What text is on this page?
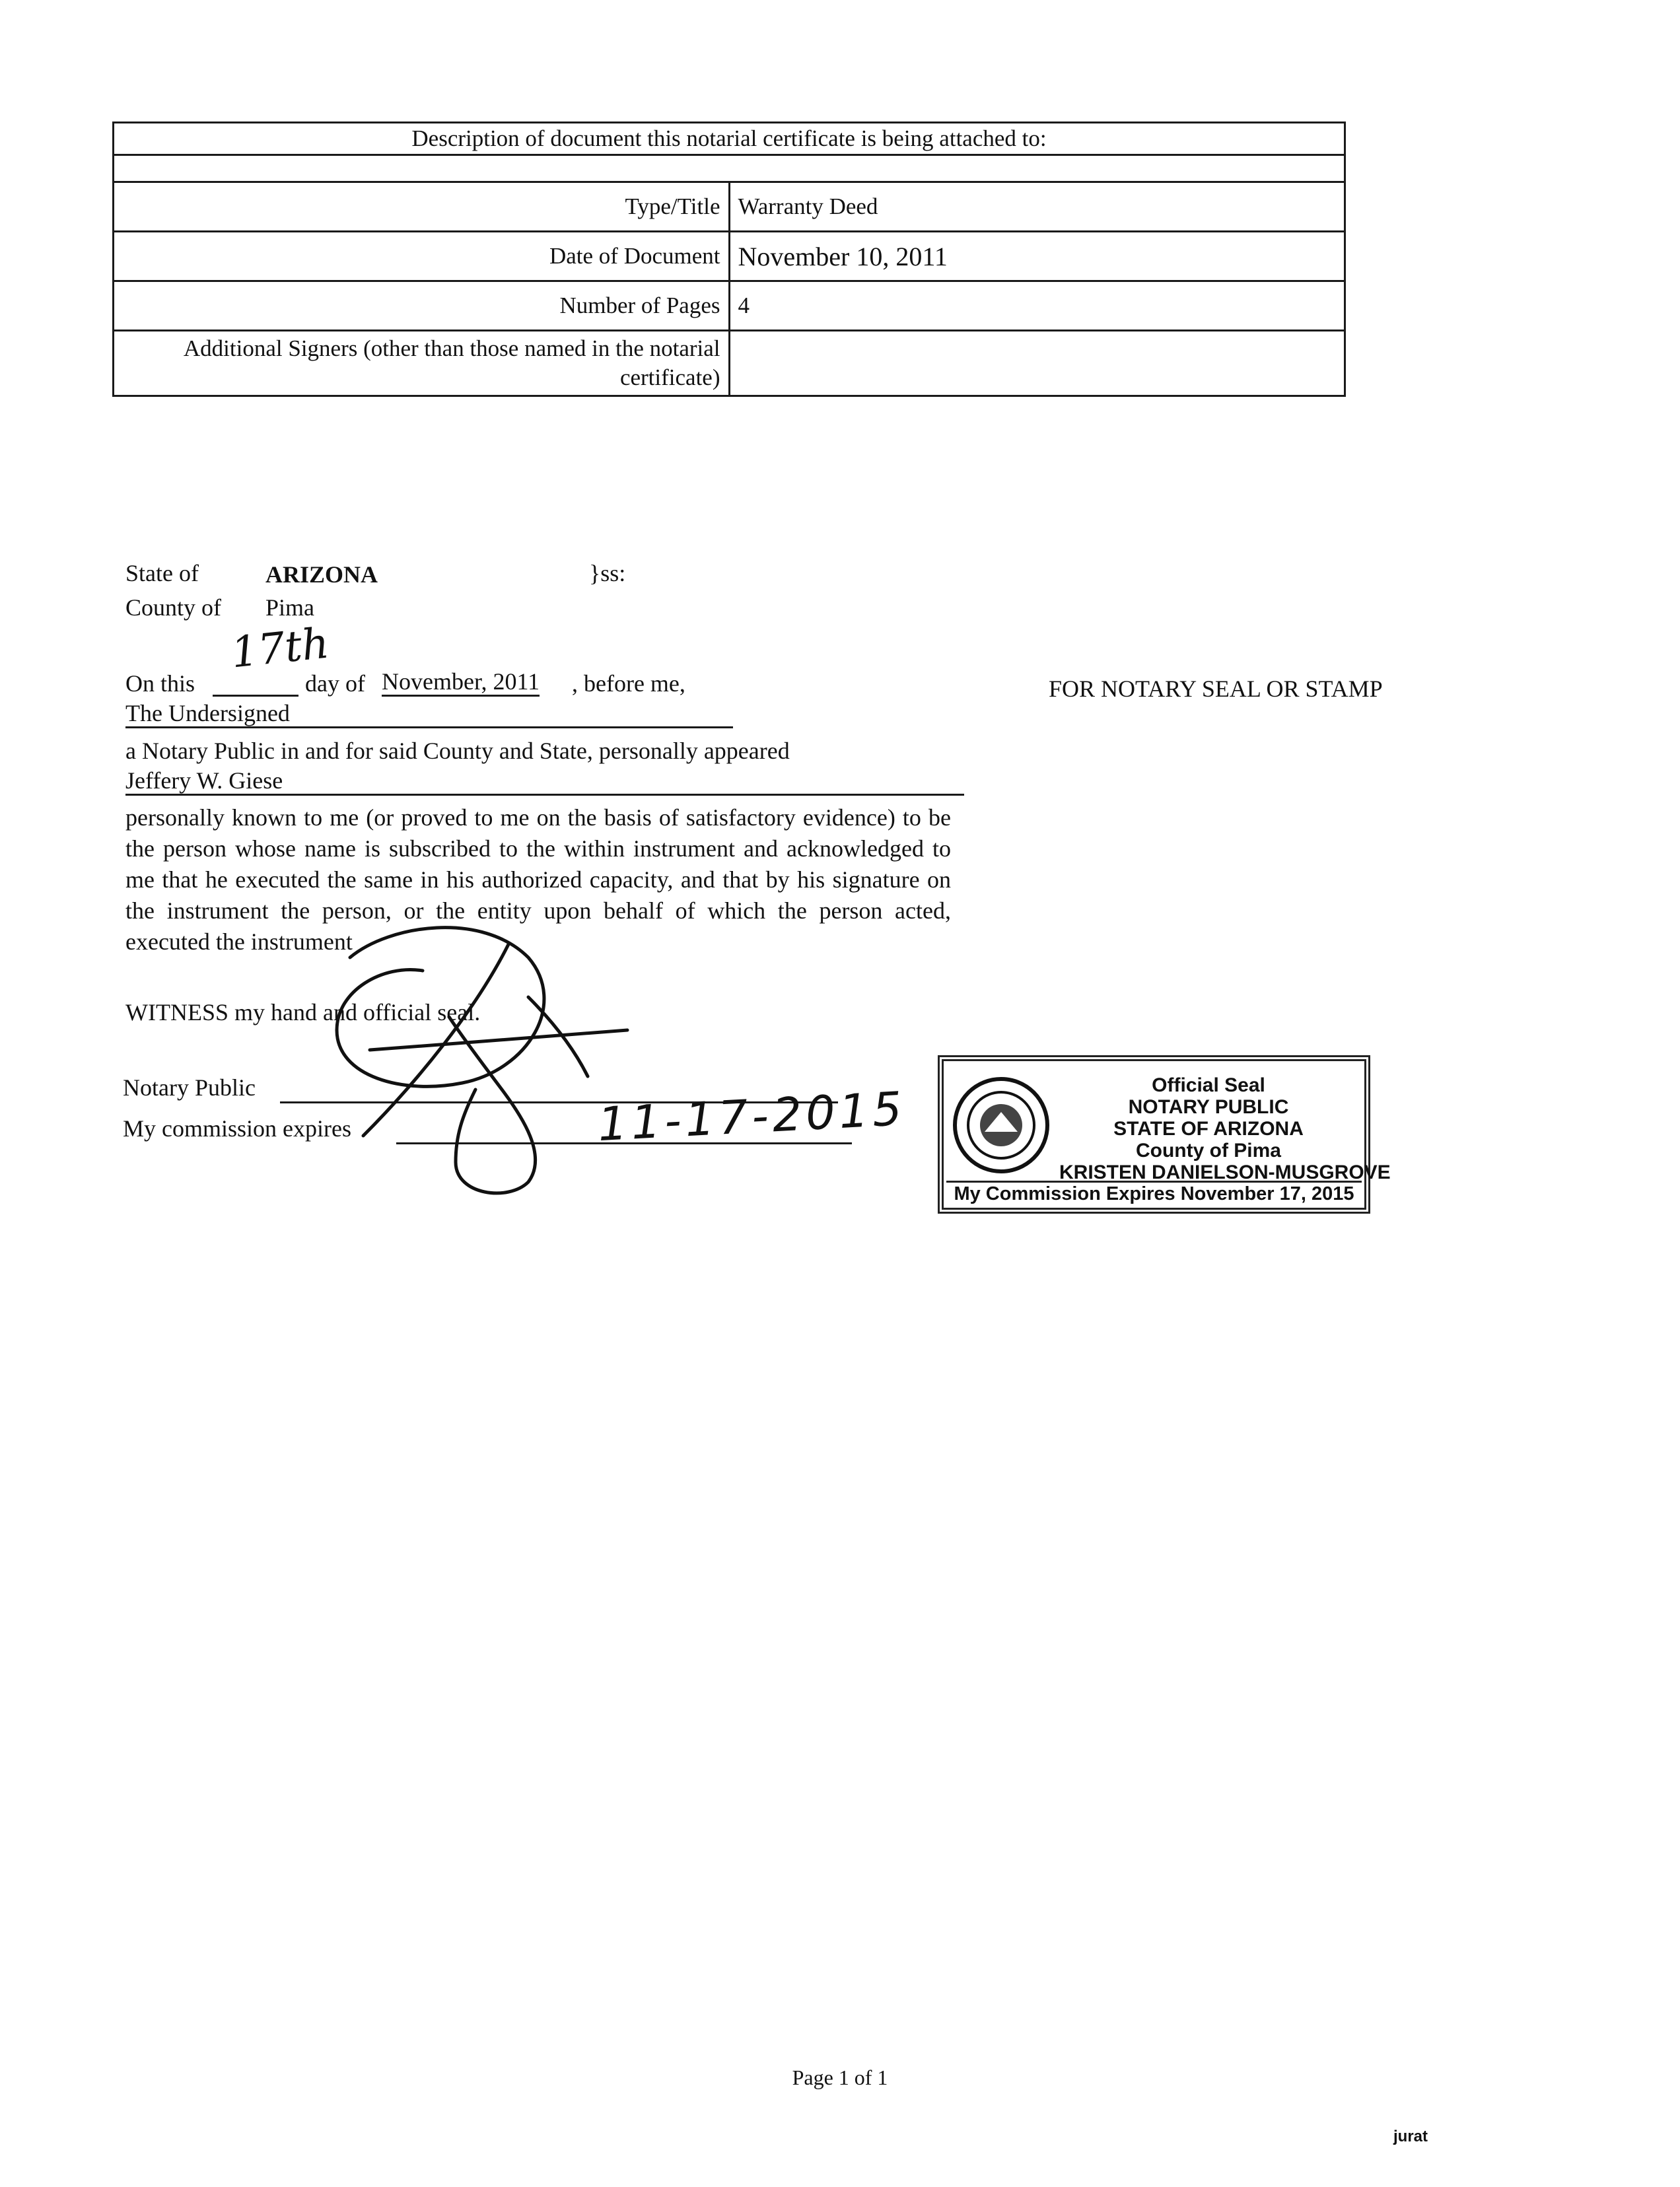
Description of document this notarial certificate is being attached to:	

Type/Title	Warranty Deed
Date of Document	November 10, 2011
Number of Pages	4
Additional Signers (other than those named in the notarial certificate)	
State of	ARIZONA	}ss:
County of Pima
On this
17th
day of November, 2011 , before me,
The Undersigned
a Notary Public in and for said County and State, personally appeared
Jeffery W. Giese
personally known to me (or proved to me on the basis of satisfactory evidence) to be the person whose name is subscribed to the within instrument and acknowledged to me that he executed the same in his authorized capacity, and that by his signature on the instrument the person, or the entity upon behalf of which the person acted, executed the instrument
WITNESS my hand and official seal.
Notary Public
My commission expires	11-17-2015
FOR NOTARY SEAL OR STAMP
Official Seal
NOTARY PUBLIC
STATE OF ARIZONA
County of Pima
KRISTEN DANIELSON-MUSGROVE
My Commission Expires November 17, 2015
Page 1 of 1
jurat
